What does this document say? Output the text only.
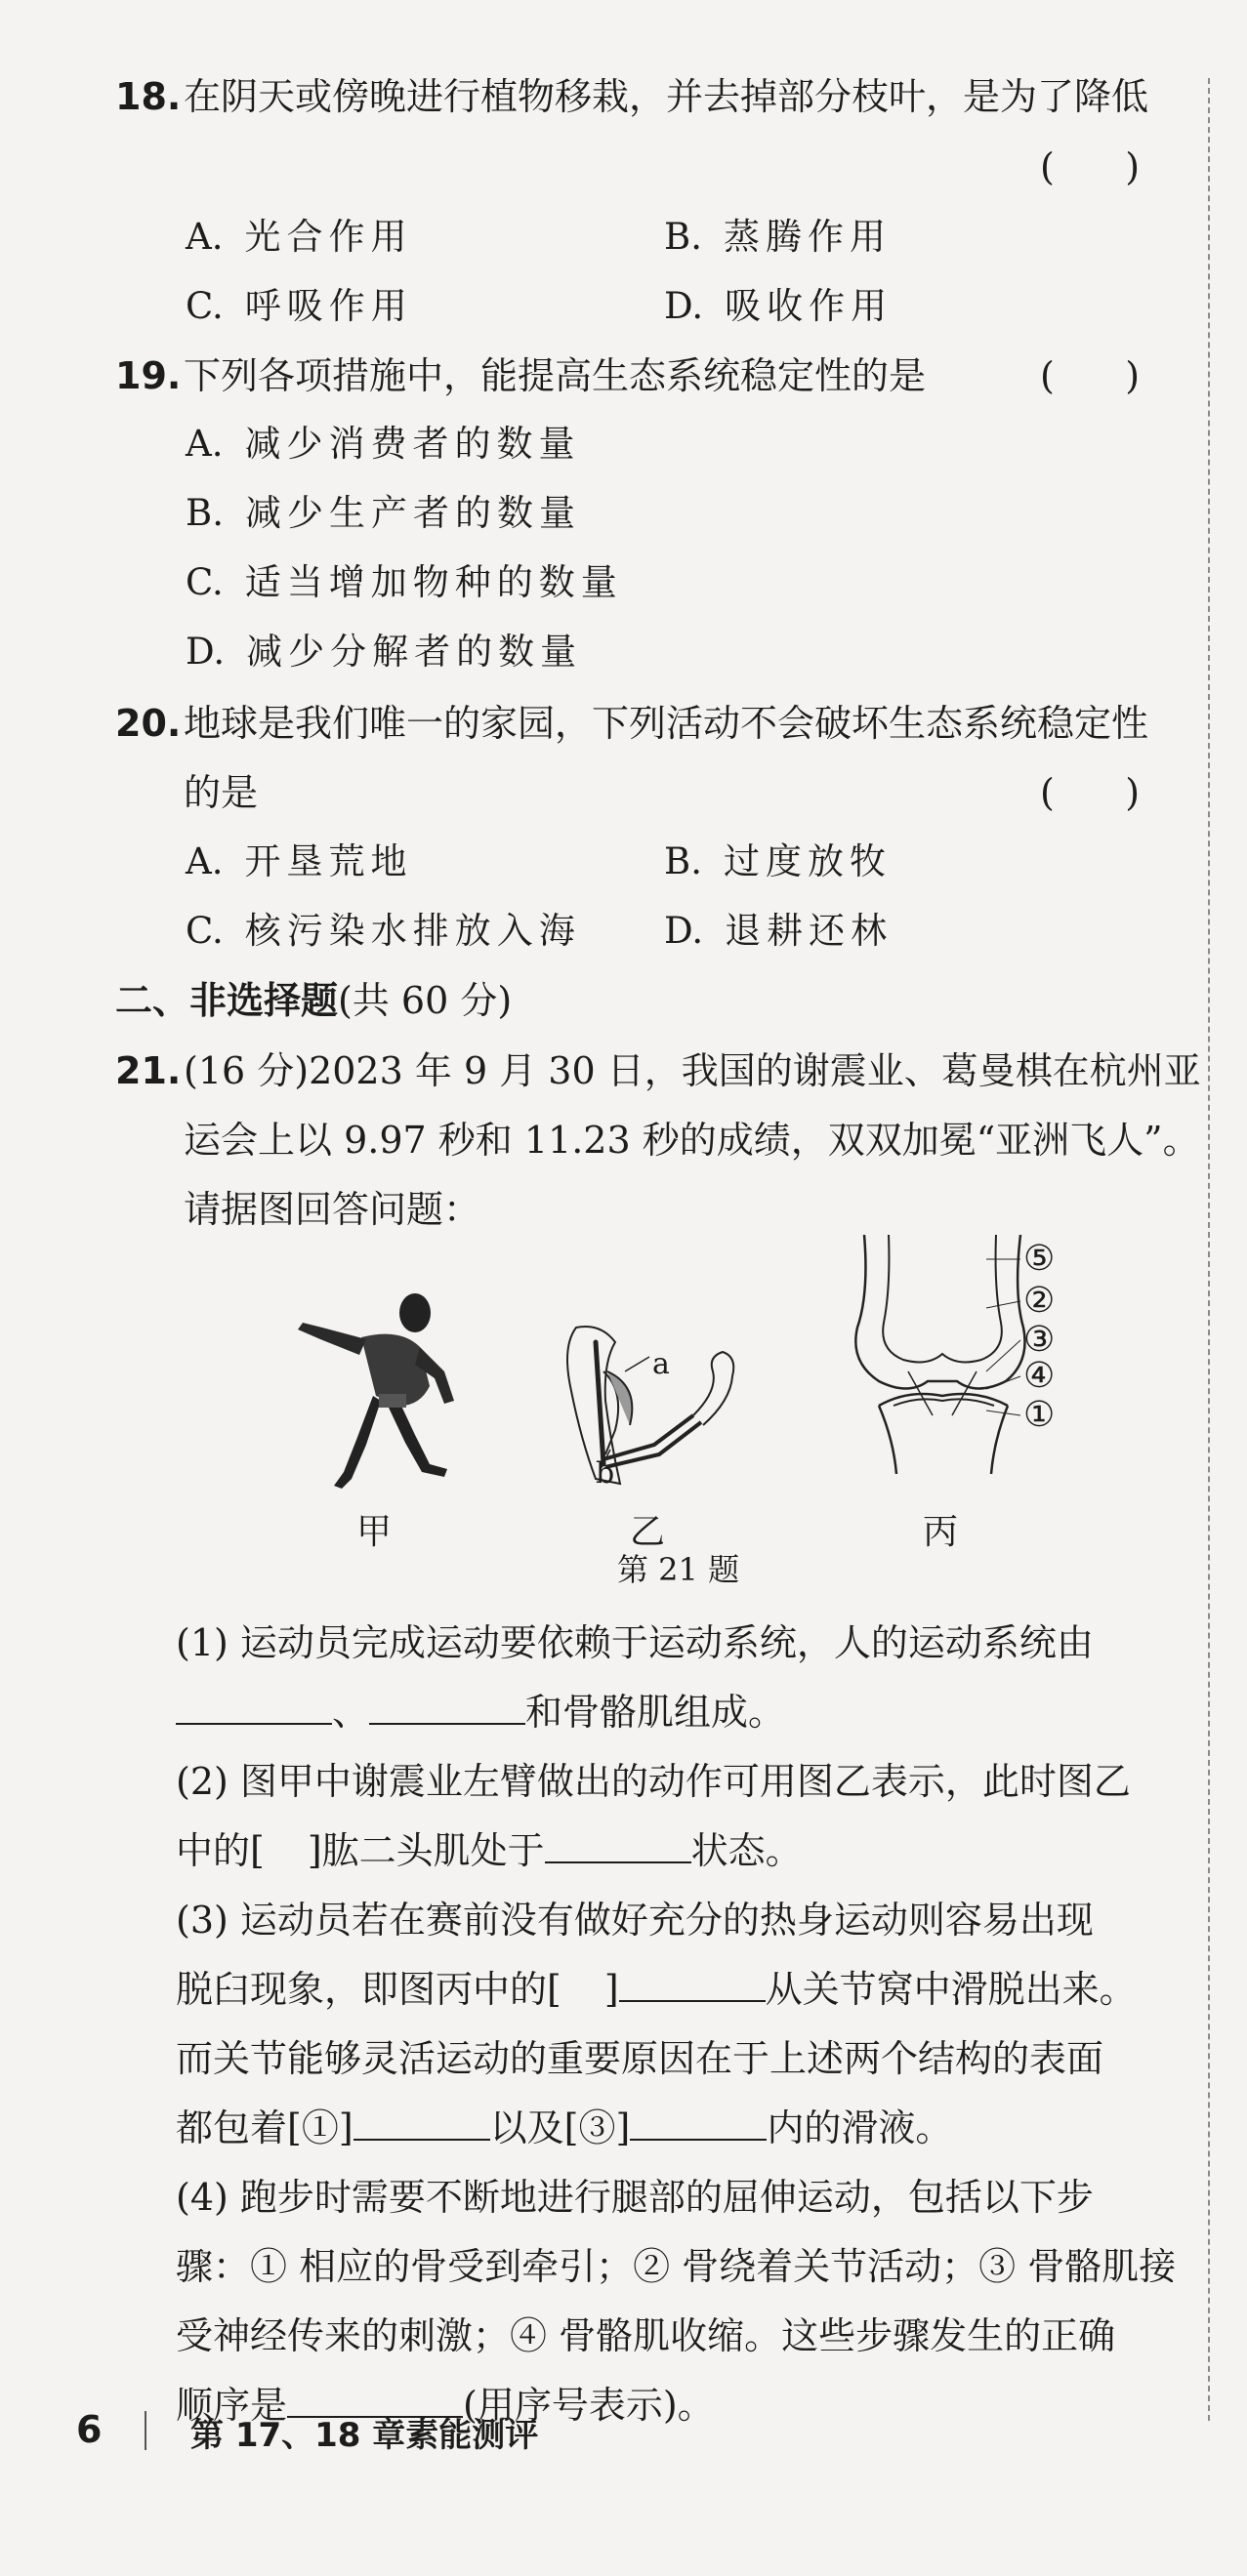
18. 在阴天或傍晚进行植物移栽，并去掉部分枝叶，是为了降低
(      )
A. 光合作用	B. 蒸腾作用
C. 呼吸作用	D. 吸收作用
19. 下列各项措施中，能提高生态系统稳定性的是	(      )
A. 减少消费者的数量
B. 减少生产者的数量
C. 适当增加物种的数量
D. 减少分解者的数量
20. 地球是我们唯一的家园，下列活动不会破坏生态系统稳定性
的是	(      )
A. 开垦荒地	B. 过度放牧
C. 核污染水排放入海 D. 退耕还林
二、非选择题(共 60 分)
21. (16 分)2023 年 9 月 30 日，我国的谢震业、葛曼棋在杭州亚
运会上以 9.97 秒和 11.23 秒的成绩，双双加冕“亚洲飞人”。
请据图回答问题：
甲
a
b
乙
⑤
②
③
④
①
丙
第 21 题
(1) 运动员完成运动要依赖于运动系统，人的运动系统由
、	和骨骼肌组成。
(2) 图甲中谢震业左臂做出的动作可用图乙表示，此时图乙
中的[ ]肱二头肌处于	状态。
(3) 运动员若在赛前没有做好充分的热身运动则容易出现
脱臼现象，即图丙中的[ ]	从关节窝中滑脱出来。
而关节能够灵活运动的重要原因在于上述两个结构的表面
都包着[①]	以及[③]	内的滑液。
(4) 跑步时需要不断地进行腿部的屈伸运动，包括以下步
骤：① 相应的骨受到牵引；② 骨绕着关节活动；③ 骨骼肌接
受神经传来的刺激；④ 骨骼肌收缩。这些步骤发生的正确
顺序是	(用序号表示)。
6	第 17、18 章素能测评
